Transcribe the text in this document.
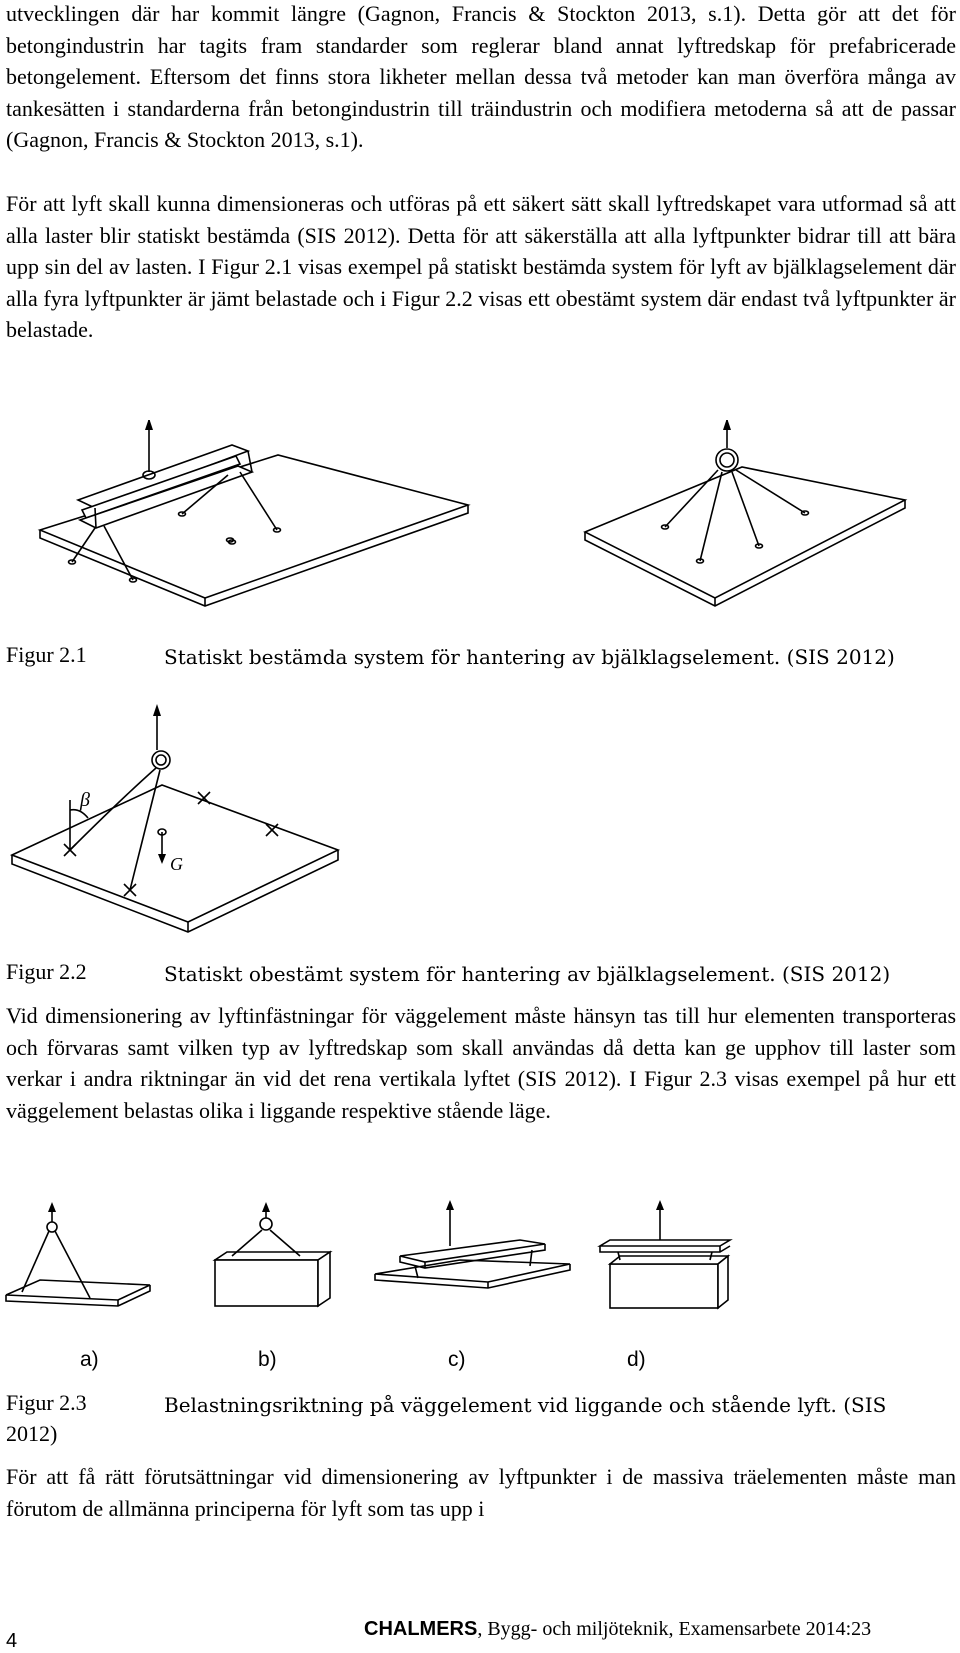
utvecklingen där har kommit längre (Gagnon, Francis & Stockton 2013, s.1). Detta gör att det för betongindustrin har tagits fram standarder som reglerar bland annat lyftredskap för prefabricerade betongelement. Eftersom det finns stora likheter mellan dessa två metoder kan man överföra många av tankesätten i standarderna från betongindustrin till träindustrin och modifiera metoderna så att de passar (Gagnon, Francis & Stockton 2013, s.1).

För att lyft skall kunna dimensioneras och utföras på ett säkert sätt skall lyftredskapet vara utformad så att alla laster blir statiskt bestämda (SIS 2012). Detta för att säkerställa att alla lyftpunkter bidrar till att bära upp sin del av lasten. I Figur 2.1 visas exempel på statiskt bestämda system för lyft av bjälklagselement där alla fyra lyftpunkter är jämt belastade och i Figur 2.2 visas ett obestämt system där endast två lyftpunkter är belastade.

Figur 2.1	Statiskt bestämda system för hantering av bjälklagselement. (SIS 2012)
β
G
Figur 2.2	Statiskt obestämt system för hantering av bjälklagselement. (SIS 2012)

Vid dimensionering av lyftinfästningar för väggelement måste hänsyn tas till hur elementen transporteras och förvaras samt vilken typ av lyftredskap som skall användas då detta kan ge upphov till laster som verkar i andra riktningar än vid det rena vertikala lyftet (SIS 2012). I Figur 2.3 visas exempel på hur ett väggelement belastas olika i liggande respektive stående läge.

a)	b)	c)	d)
Figur 2.3	Belastningsriktning på väggelement vid liggande och stående lyft. (SIS
2012)

För att få rätt förutsättningar vid dimensionering av lyftpunkter i de massiva träelementen måste man förutom de allmänna principerna för lyft som tas upp i

CHALMERS, Bygg- och miljöteknik, Examensarbete 2014:23
4
